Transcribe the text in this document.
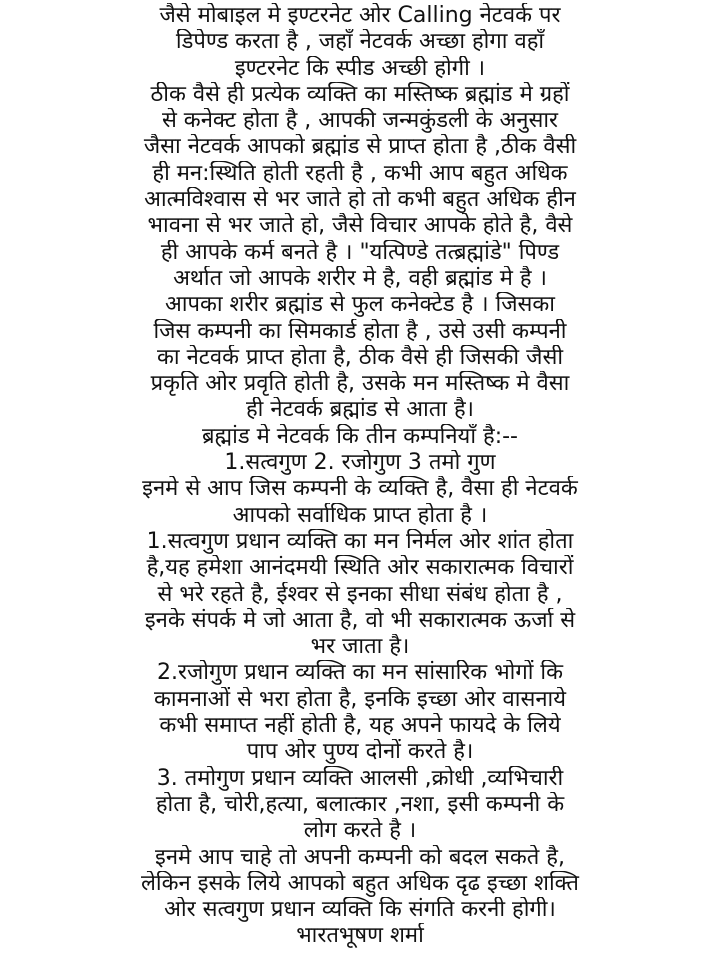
जैसे मोबाइल मे इण्टरनेट ओर Calling नेटवर्क पर
डिपेण्ड करता है , जहाँ नेटवर्क अच्छा होगा वहाँ
इण्टरनेट कि स्पीड अच्छी होगी ।
ठीक वैसे ही प्रत्येक व्यक्ति का मस्तिष्क ब्रह्मांड मे ग्रहों
से कनेक्ट होता है , आपकी जन्मकुंडली के अनुसार
जैसा नेटवर्क आपको ब्रह्मांड से प्राप्त होता है ,ठीक वैसी
ही मन:स्थिति होती रहती है , कभी आप बहुत अधिक
आत्मविश्वास से भर जाते हो तो कभी बहुत अधिक हीन
भावना से भर जाते हो, जैसे विचार आपके होते है, वैसे
ही आपके कर्म बनते है । "यत्पिण्डे तत्ब्रह्मांडे" पिण्ड
अर्थात जो आपके शरीर मे है, वही ब्रह्मांड मे है ।
आपका शरीर ब्रह्मांड से फुल कनेक्टेड है । जिसका
जिस कम्पनी का सिमकार्ड होता है , उसे उसी कम्पनी
का नेटवर्क प्राप्त होता है, ठीक वैसे ही जिसकी जैसी
प्रकृति ओर प्रवृति होती है, उसके मन मस्तिष्क मे वैसा
ही नेटवर्क ब्रह्मांड से आता है।
ब्रह्मांड मे नेटवर्क कि तीन कम्पनियाँ है:--
1.सत्वगुण 2. रजोगुण 3 तमो गुण
इनमे से आप जिस कम्पनी के व्यक्ति है, वैसा ही नेटवर्क
आपको सर्वाधिक प्राप्त होता है ।
1.सत्वगुण प्रधान व्यक्ति का मन निर्मल ओर शांत होता
है,यह हमेशा आनंदमयी स्थिति ओर सकारात्मक विचारों
से भरे रहते है, ईश्वर से इनका सीधा संबंध होता है ,
इनके संपर्क मे जो आता है, वो भी सकारात्मक ऊर्जा से
भर जाता है।
2.रजोगुण प्रधान व्यक्ति का मन सांसारिक भोगों कि
कामनाओं से भरा होता है, इनकि इच्छा ओर वासनाये
कभी समाप्त नहीं होती है, यह अपने फायदे के लिये
पाप ओर पुण्य दोनों करते है।
3. तमोगुण प्रधान व्यक्ति आलसी ,क्रोधी ,व्यभिचारी
होता है, चोरी,हत्या, बलात्कार ,नशा, इसी कम्पनी के
लोग करते है ।
इनमे आप चाहे तो अपनी कम्पनी को बदल सकते है,
लेकिन इसके लिये आपको बहुत अधिक दृढ इच्छा शक्ति
ओर सत्वगुण प्रधान व्यक्ति कि संगति करनी होगी।
भारतभूषण शर्मा
